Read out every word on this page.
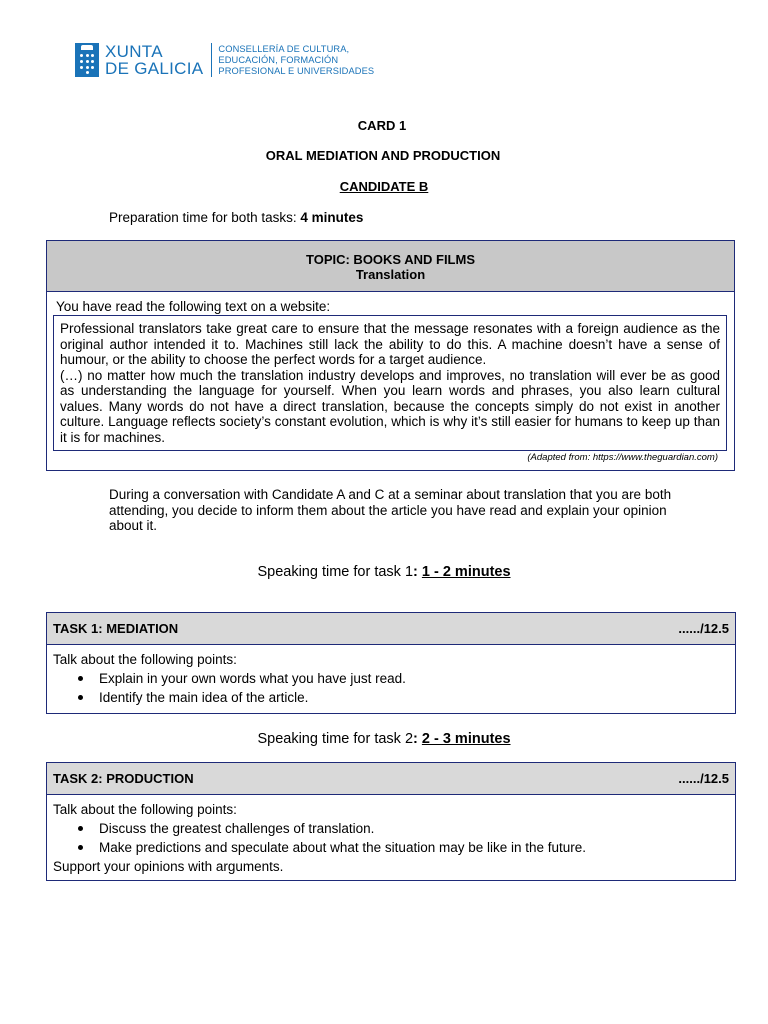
XUNTA
DE GALICIA
CONSELLERÍA DE CULTURA,
EDUCACIÓN, FORMACIÓN
PROFESIONAL E UNIVERSIDADES
CARD 1
ORAL MEDIATION AND PRODUCTION
CANDIDATE B
Preparation time for both tasks: 4 minutes
TOPIC: BOOKS AND FILMS
Translation
You have read the following text on a website:

Professional translators take great care to ensure that the message resonates with a foreign audience as the original author intended it to. Machines still lack the ability to do this. A machine doesn’t have a sense of humour, or the ability to choose the perfect words for a target audience.

(…) no matter how much the translation industry develops and improves, no translation will ever be as good as understanding the language for yourself. When you learn words and phrases, you also learn cultural values. Many words do not have a direct translation, because the concepts simply do not exist in another culture. Language reflects society’s constant evolution, which is why it’s still easier for humans to keep up than it is for machines.

(Adapted from: https://www.theguardian.com)
During a conversation with Candidate A and C at a seminar about translation that you are both attending, you decide to inform them about the article you have read and explain your opinion about it.
Speaking time for task 1: 1 - 2 minutes
TASK 1: MEDIATION	....../12.5
Talk about the following points:
Explain in your own words what you have just read.
Identify the main idea of the article.
Speaking time for task 2: 2 - 3 minutes
TASK 2: PRODUCTION	....../12.5
Talk about the following points:
Discuss the greatest challenges of translation.
Make predictions and speculate about what the situation may be like in the future.
Support your opinions with arguments.
